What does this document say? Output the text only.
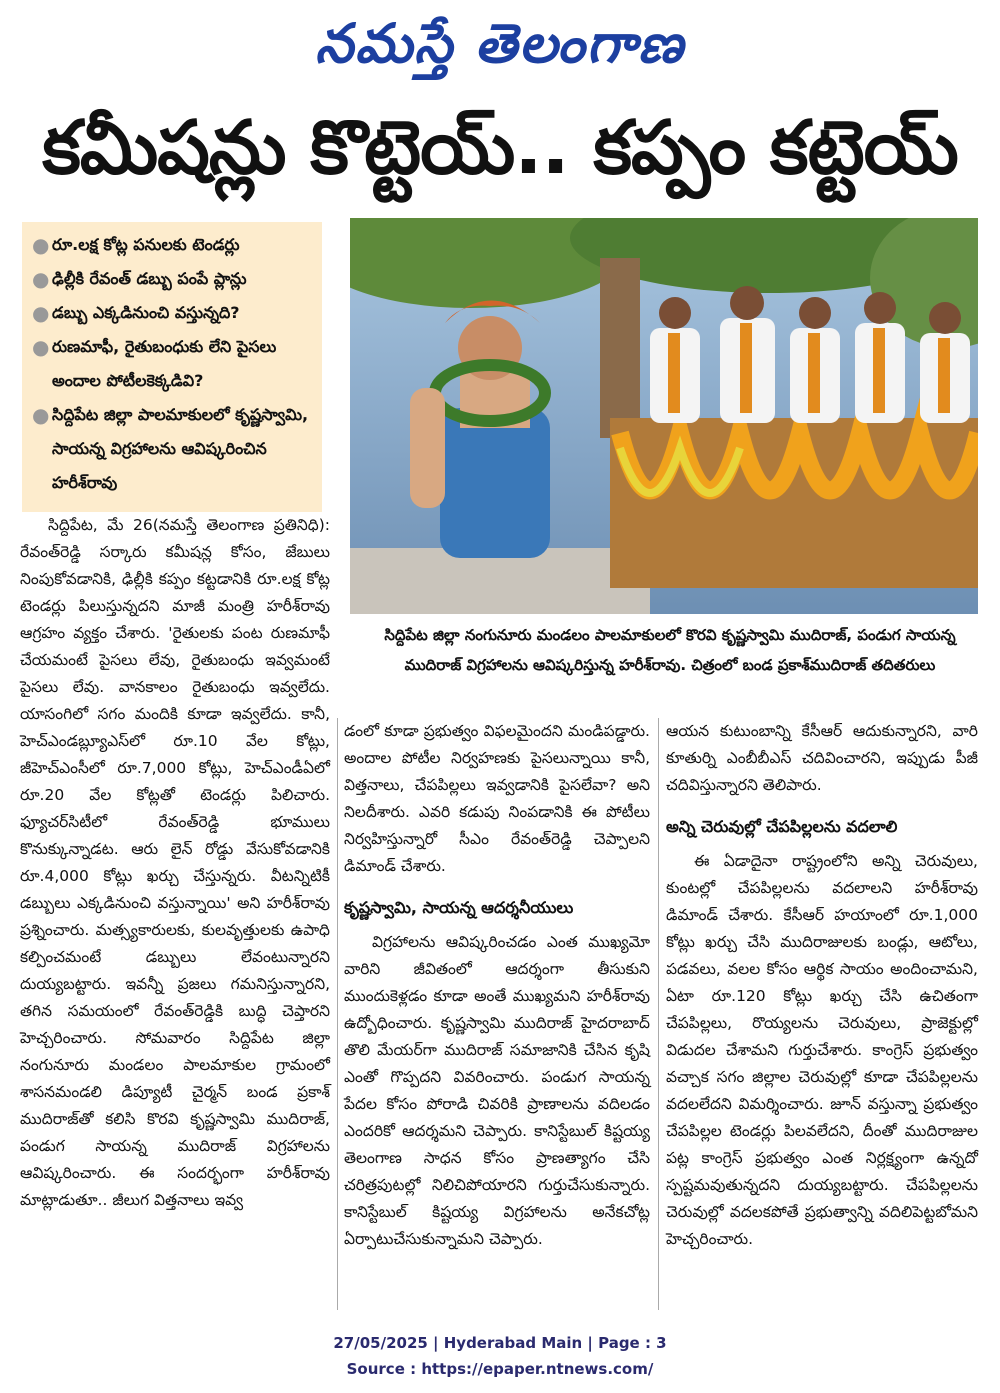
నమస్తే తెలంగాణ
కమీషన్లు కొట్టెయ్.. కప్పం కట్టెయ్
● రూ.లక్ష కోట్ల పనులకు టెండర్లు
● ఢిల్లీకి రేవంత్ డబ్బు పంపే ప్లాన్లు
● డబ్బు ఎక్కడినుంచి వస్తున్నది?
● రుణమాఫీ, రైతుబంధుకు లేని పైసలు అందాల పోటీలకెక్కడివి?
● సిద్దిపేట జిల్లా పాలమాకులలో కృష్ణస్వామి, సాయన్న విగ్రహాలను ఆవిష్కరించిన హరీశ్‌రావు
సిద్దిపేట జిల్లా నంగునూరు మండలం పాలమాకులలో కొరవి కృష్ణస్వామి ముదిరాజ్, పండుగ సాయన్న ముదిరాజ్ విగ్రహాలను ఆవిష్కరిస్తున్న హరీశ్‌రావు. చిత్రంలో బండ ప్రకాశ్‌ముదిరాజ్ తదితరులు

సిద్దిపేట, మే 26(నమస్తే తెలంగాణ ప్రతినిధి): రేవంత్‌రెడ్డి సర్కారు కమీషన్ల కోసం, జేబులు నింపుకోవడానికి, ఢిల్లీకి కప్పం కట్టడానికి రూ.లక్ష కోట్ల టెండర్లు పిలుస్తున్నదని మాజీ మంత్రి హరీశ్‌రావు ఆగ్రహం వ్యక్తం చేశారు. 'రైతులకు పంట రుణమాఫీ చేయమంటే పైసలు లేవు, రైతుబంధు ఇవ్వమంటే పైసలు లేవు. వానకాలం రైతుబంధు ఇవ్వలేదు. యాసంగిలో సగం మందికి కూడా ఇవ్వలేదు. కానీ, హెచ్‌ఎండబ్ల్యూఎస్‌లో రూ.10 వేల కోట్లు, జీహెచ్‌ఎంసీలో రూ.7,000 కోట్లు, హెచ్‌ఎండీఏలో రూ.20 వేల కోట్లతో టెండర్లు పిలిచారు. ఫ్యూచర్‌సిటీలో రేవంత్‌రెడ్డి భూములు కొనుక్కున్నాడట. ఆరు లైన్ రోడ్డు వేసుకోవడానికి రూ.4,000 కోట్లు ఖర్చు చేస్తున్నరు. వీటన్నిటికీ డబ్బులు ఎక్కడినుంచి వస్తున్నాయి' అని హరీశ్‌రావు ప్రశ్నించారు. మత్స్యకారులకు, కులవృత్తులకు ఉపాధి కల్పించమంటే డబ్బులు లేవంటున్నారని దుయ్యబట్టారు. ఇవన్నీ ప్రజలు గమనిస్తున్నారని, తగిన సమయంలో రేవంత్‌రెడ్డికి బుద్ధి చెప్తారని హెచ్చరించారు. సోమవారం సిద్దిపేట జిల్లా నంగునూరు మండలం పాలమాకుల గ్రామంలో శాసనమండలి డిప్యూటీ చైర్మన్ బండ ప్రకాశ్ ముదిరాజ్‌తో కలిసి కొరవి కృష్ణస్వామి ముదిరాజ్, పండుగ సాయన్న ముదిరాజ్ విగ్రహాలను ఆవిష్కరించారు. ఈ సందర్భంగా హరీశ్‌రావు మాట్లాడుతూ.. జీలుగ విత్తనాలు ఇవ్వ

డంలో కూడా ప్రభుత్వం విఫలమైందని మండిపడ్డారు. అందాల పోటీల నిర్వహణకు పైసలున్నాయి కానీ, విత్తనాలు, చేపపిల్లలు ఇవ్వడానికి పైసలేవా? అని నిలదీశారు. ఎవరి కడుపు నింపడానికి ఈ పోటీలు నిర్వహిస్తున్నారో సీఎం రేవంత్‌రెడ్డి చెప్పాలని డిమాండ్ చేశారు.

కృష్ణస్వామి, సాయన్న ఆదర్శనీయులు

విగ్రహాలను ఆవిష్కరించడం ఎంత ముఖ్యమో వారిని జీవితంలో ఆదర్శంగా తీసుకుని ముందుకెళ్లడం కూడా అంతే ముఖ్యమని హరీశ్‌రావు ఉద్బోధించారు. కృష్ణస్వామి ముదిరాజ్ హైదరాబాద్ తొలి మేయర్‌గా ముదిరాజ్ సమాజానికి చేసిన కృషి ఎంతో గొప్పదని వివరించారు. పండుగ సాయన్న పేదల కోసం పోరాడి చివరికి ప్రాణాలను వదిలడం ఎందరికో ఆదర్శమని చెప్పారు. కానిస్టేబుల్ కిష్టయ్య తెలంగాణ సాధన కోసం ప్రాణత్యాగం చేసి చరిత్రపుటల్లో నిలిచిపోయారని గుర్తుచేసుకున్నారు. కానిస్టేబుల్ కిష్టయ్య విగ్రహాలను అనేకచోట్ల ఏర్పాటుచేసుకున్నామని చెప్పారు.

ఆయన కుటుంబాన్ని కేసీఆర్ ఆదుకున్నారని, వారి కూతుర్ని ఎంబీబీఎస్ చదివించారని, ఇప్పుడు పీజీ చదివిస్తున్నారని తెలిపారు.

అన్ని చెరువుల్లో చేపపిల్లలను వదలాలి

ఈ ఏడాదైనా రాష్ట్రంలోని అన్ని చెరువులు, కుంటల్లో చేపపిల్లలను వదలాలని హరీశ్‌రావు డిమాండ్ చేశారు. కేసీఆర్ హయాంలో రూ.1,000 కోట్లు ఖర్చు చేసి ముదిరాజులకు బండ్లు, ఆటోలు, పడవలు, వలల కోసం ఆర్థిక సాయం అందించామని, ఏటా రూ.120 కోట్లు ఖర్చు చేసి ఉచితంగా చేపపిల్లలు, రొయ్యలను చెరువులు, ప్రాజెక్టుల్లో విడుదల చేశామని గుర్తుచేశారు. కాంగ్రెస్ ప్రభుత్వం వచ్చాక సగం జిల్లాల చెరువుల్లో కూడా చేపపిల్లలను వదలలేదని విమర్శించారు. జూన్ వస్తున్నా ప్రభుత్వం చేపపిల్లల టెండర్లు పిలవలేదని, దీంతో ముదిరాజుల పట్ల కాంగ్రెస్ ప్రభుత్వం ఎంత నిర్లక్ష్యంగా ఉన్నదో స్పష్టమవుతున్నదని దుయ్యబట్టారు. చేపపిల్లలను చెరువుల్లో వదలకపోతే ప్రభుత్వాన్ని వదిలిపెట్టబోమని హెచ్చరించారు.

27/05/2025 | Hyderabad Main | Page : 3
Source : https://epaper.ntnews.com/
